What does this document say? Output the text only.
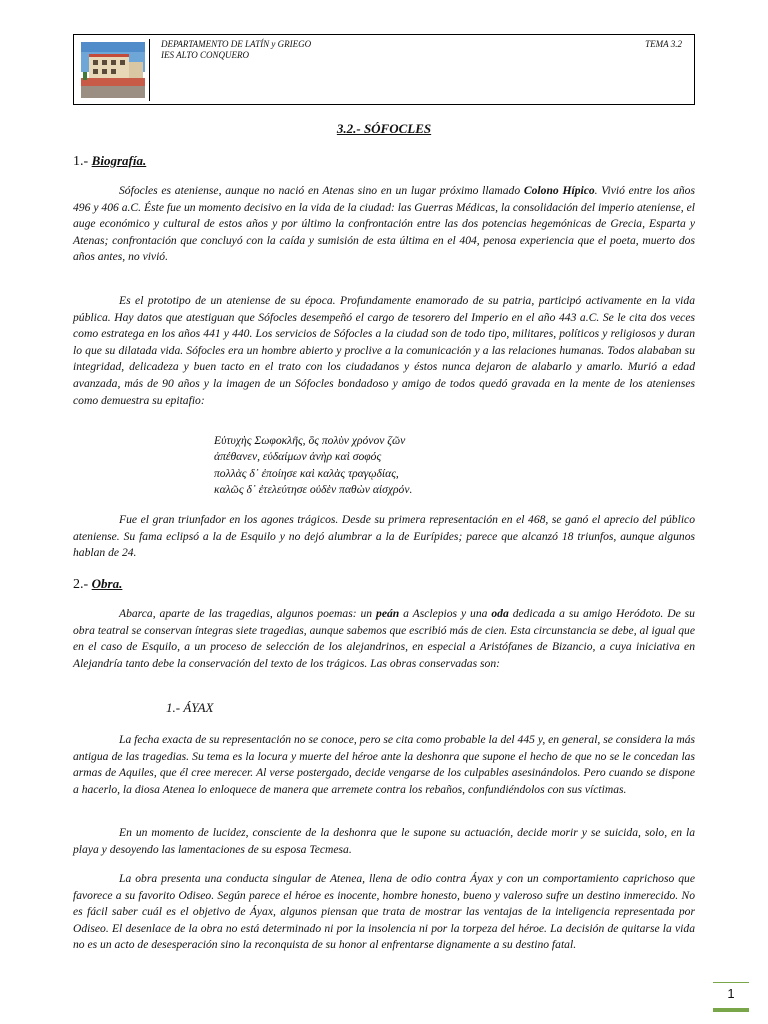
DEPARTAMENTO DE LATÍN y GRIEGO
IES ALTO CONQUERO
TEMA 3.2
3.2.- SÓFOCLES
1.- Biografía.

Sófocles es ateniense, aunque no nació en Atenas sino en un lugar próximo llamado Colono Hípico. Vivió entre los años 496 y 406 a.C. Éste fue un momento decisivo en la vida de la ciudad: las Guerras Médicas, la consolidación del imperio ateniense, el auge económico y cultural de estos años y por último la confrontación entre las dos potencias hegemónicas de Grecia, Esparta y Atenas; confrontación que concluyó con la caída y sumisión de esta última en el 404, penosa experiencia que el poeta, muerto dos años antes, no vivió.

Es el prototipo de un ateniense de su época. Profundamente enamorado de su patria, participó activamente en la vida pública. Hay datos que atestiguan que Sófocles desempeñó el cargo de tesorero del Imperio en el año 443 a.C. Se le cita dos veces como estratega en los años 441 y 440. Los servicios de Sófocles a la ciudad son de todo tipo, militares, políticos y religiosos y duran lo que su dilatada vida. Sófocles era un hombre abierto y proclive a la comunicación y a las relaciones humanas. Todos alababan su integridad, delicadeza y buen tacto en el trato con los ciudadanos y éstos nunca dejaron de alabarlo y amarlo. Murió a edad avanzada, más de 90 años y la imagen de un Sófocles bondadoso y amigo de todos quedó gravada en la mente de los atenienses como demuestra su epitafio:

Εὐτυχὴς Σωφοκλῆς, ὃς πολὺν χρόνον ζῶν
ἀπέθανεν, εὐδαίμων ἀνὴρ καὶ σοφός
πολλὰς δ᾽ ἐποίησε καὶ καλὰς τραγῳδίας,
καλῶς δ᾽ ἐτελεύτησε οὐδὲν παθὼν αἰσχρόν.

Fue el gran triunfador en los agones trágicos. Desde su primera representación en el 468, se ganó el aprecio del público ateniense. Su fama eclipsó a la de Esquilo y no dejó alumbrar a la de Eurípides; parece que alcanzó 18 triunfos, aunque algunos hablan de 24.

2.- Obra.

Abarca, aparte de las tragedias, algunos poemas: un peán a Asclepios y una oda dedicada a su amigo Heródoto. De su obra teatral se conservan íntegras siete tragedias, aunque sabemos que escribió más de cien. Esta circunstancia se debe, al igual que en el caso de Esquilo, a un proceso de selección de los alejandrinos, en especial a Aristófanes de Bizancio, a cuya iniciativa en Alejandría tanto debe la conservación del texto de los trágicos. Las obras conservadas son:

1.- ÁYAX

La fecha exacta de su representación no se conoce, pero se cita como probable la del 445 y, en general, se considera la más antigua de las tragedias. Su tema es la locura y muerte del héroe ante la deshonra que supone el hecho de que no se le concedan las armas de Aquiles, que él cree merecer. Al verse postergado, decide vengarse de los culpables asesinándolos. Pero cuando se dispone a hacerlo, la diosa Atenea lo enloquece de manera que arremete contra los rebaños, confundiéndolos con sus víctimas.

En un momento de lucidez, consciente de la deshonra que le supone su actuación, decide morir y se suicida, solo, en la playa y desoyendo las lamentaciones de su esposa Tecmesa.

La obra presenta una conducta singular de Atenea, llena de odio contra Áyax y con un comportamiento caprichoso que favorece a su favorito Odiseo. Según parece el héroe es inocente, hombre honesto, bueno y valeroso sufre un destino inmerecido. No es fácil saber cuál es el objetivo de Áyax, algunos piensan que trata de mostrar las ventajas de la inteligencia representada por Odiseo. El desenlace de la obra no está determinado ni por la insolencia ni por la torpeza del héroe. La decisión de quitarse la vida no es un acto de desesperación sino la reconquista de su honor al enfrentarse dignamente a su destino fatal.

1
